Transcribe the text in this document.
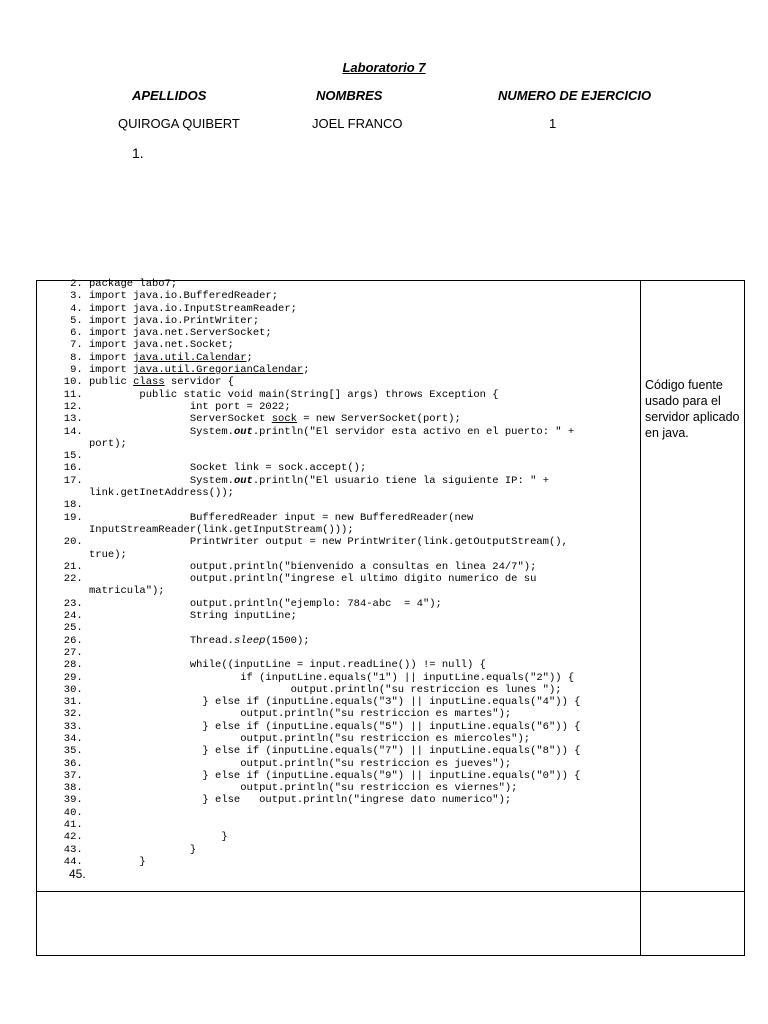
Laboratorio 7
APELLIDOS	NOMBRES	NUMERO DE EJERCICIO
QUIROGA QUIBERT	JOEL FRANCO	1
1.
2. package labo7;
3. import java.io.BufferedReader;
4. import java.io.InputStreamReader;
5. import java.io.PrintWriter;
6. import java.net.ServerSocket;
7. import java.net.Socket;
8. import java.util.Calendar;
9. import java.util.GregorianCalendar;
10. public class servidor {
11.         public static void main(String[] args) throws Exception {
12.                 int port = 2022;
13.                 ServerSocket sock = new ServerSocket(port);
14.                 System.out.println("El servidor esta activo en el puerto: " +
port);
15.
16.                 Socket link = sock.accept();
17.                 System.out.println("El usuario tiene la siguiente IP: " +
link.getInetAddress());
18.
19.                 BufferedReader input = new BufferedReader(new
InputStreamReader(link.getInputStream()));
20.                 PrintWriter output = new PrintWriter(link.getOutputStream(),
true);
21.                 output.println("bienvenido a consultas en linea 24/7");
22.                 output.println("ingrese el ultimo digito numerico de su
matricula");
23.                 output.println("ejemplo: 784-abc  = 4");
24.                 String inputLine;
25.
26.                 Thread.sleep(1500);
27.
28.                 while((inputLine = input.readLine()) != null) {
29.                         if (inputLine.equals("1") || inputLine.equals("2")) {
30.                                 output.println("su restriccion es lunes ");
31.                   } else if (inputLine.equals("3") || inputLine.equals("4")) {
32.                         output.println("su restriccion es martes");
33.                   } else if (inputLine.equals("5") || inputLine.equals("6")) {
34.                         output.println("su restriccion es miercoles");
35.                   } else if (inputLine.equals("7") || inputLine.equals("8")) {
36.                         output.println("su restriccion es jueves");
37.                   } else if (inputLine.equals("9") || inputLine.equals("0")) {
38.                         output.println("su restriccion es viernes");
39.                   } else   output.println("ingrese dato numerico");
40.
41.
42.                      }
43.                 }
44.         }
45.
Código fuente usado para el servidor aplicado en java.
